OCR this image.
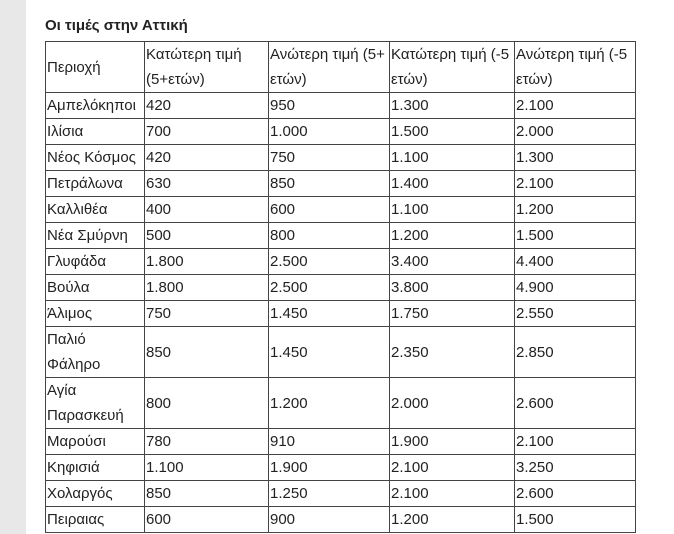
Οι τιμές στην Αττική
Περιοχή	Κατώτερη τιμή (5+ετών)	Ανώτερη τιμή (5+ ετών)	Κατώτερη τιμή (-5 ετών)	Ανώτερη τιμή (-5 ετών)
Αμπελόκηποι	420	950	1.300	2.100
Ιλίσια	700	1.000	1.500	2.000
Νέος Κόσμος	420	750	1.100	1.300
Πετράλωνα	630	850	1.400	2.100
Καλλιθέα	400	600	1.100	1.200
Νέα Σμύρνη	500	800	1.200	1.500
Γλυφάδα	1.800	2.500	3.400	4.400
Βούλα	1.800	2.500	3.800	4.900
Άλιμος	750	1.450	1.750	2.550
Παλιό Φάληρο	850	1.450	2.350	2.850
Αγία Παρασκευή	800	1.200	2.000	2.600
Μαρούσι	780	910	1.900	2.100
Κηφισιά	1.100	1.900	2.100	3.250
Χολαργός	850	1.250	2.100	2.600
Πειραιας	600	900	1.200	1.500
